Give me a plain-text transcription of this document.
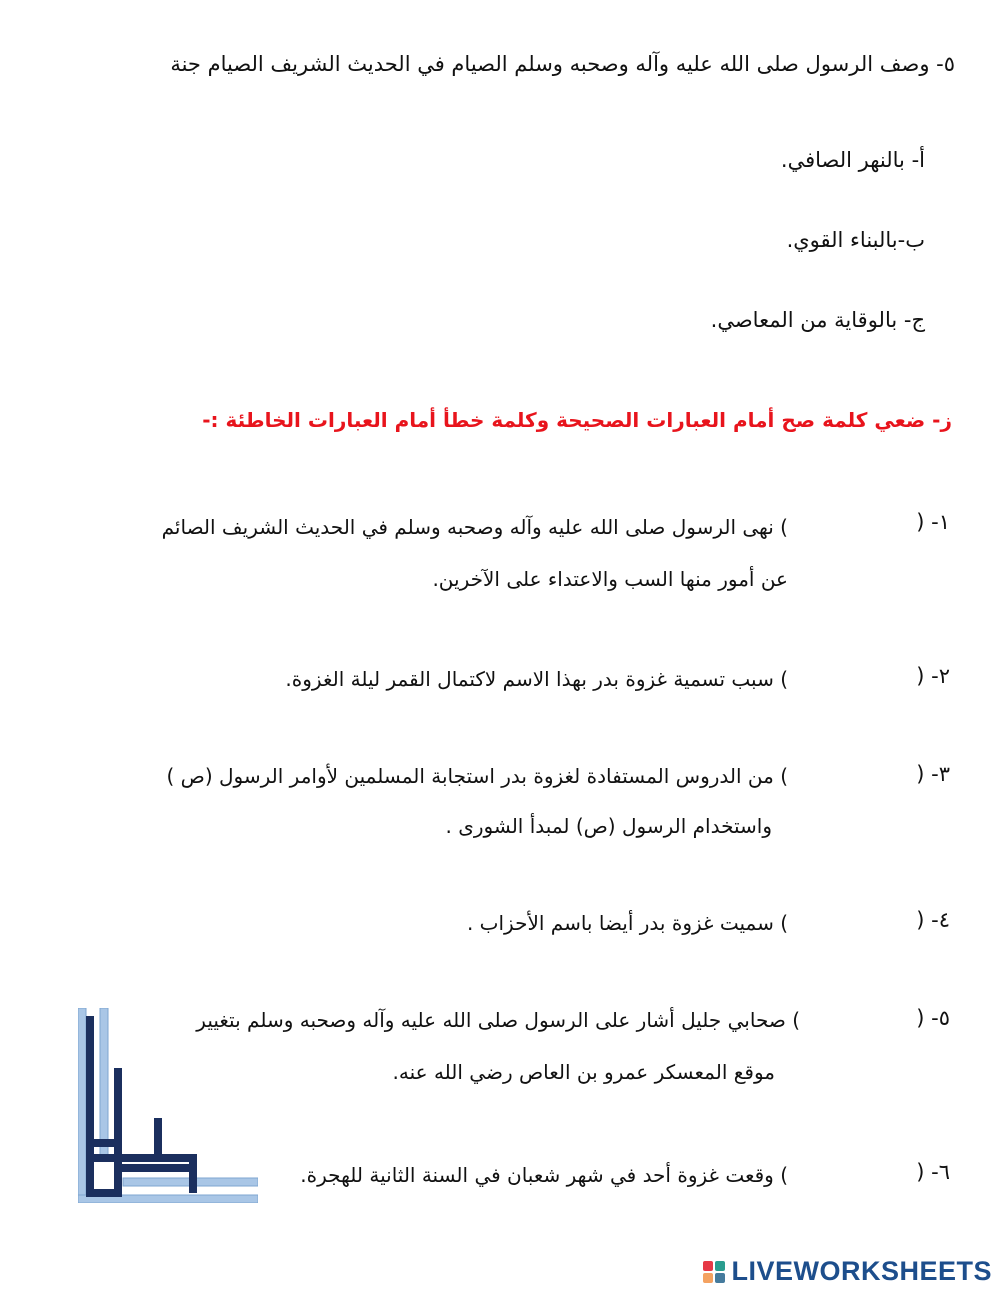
٥- وصف الرسول صلى الله عليه وآله وصحبه وسلم الصيام في الحديث الشريف الصيام جنة
أ- بالنهر الصافي.
ب-بالبناء القوي.
ج- بالوقاية من المعاصي.
ز- ضعي كلمة صح أمام العبارات الصحيحة وكلمة خطأ أمام العبارات الخاطئة :-
١- (
) نهى الرسول صلى الله عليه وآله وصحبه وسلم في الحديث الشريف الصائم
عن أمور منها السب والاعتداء على الآخرين.
٢- (
) سبب تسمية غزوة بدر بهذا الاسم لاكتمال القمر ليلة الغزوة.
٣- (
) من الدروس المستفادة لغزوة بدر استجابة المسلمين لأوامر الرسول (ص )
واستخدام الرسول (ص) لمبدأ الشورى .
٤- (
) سميت غزوة بدر أيضا باسم الأحزاب .
٥- (
) صحابي جليل أشار على الرسول صلى الله عليه وآله وصحبه وسلم بتغيير
موقع المعسكر عمرو بن العاص رضي الله عنه.
٦- (
) وقعت غزوة أحد في شهر شعبان في السنة الثانية للهجرة.
LIVEWORKSHEETS
